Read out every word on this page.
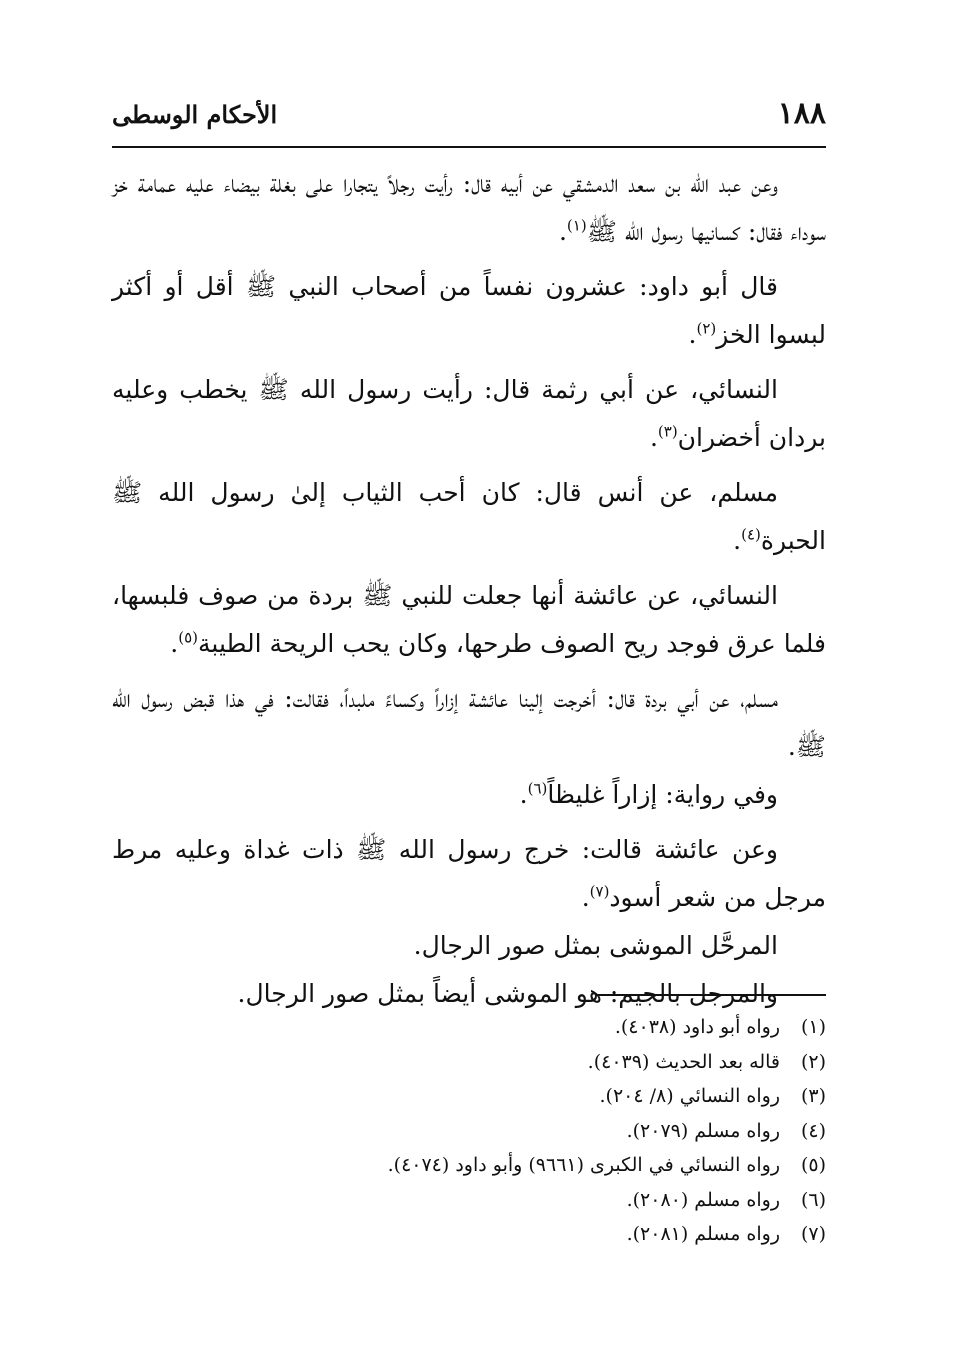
١٨٨
الأحكام الوسطى

وعن عبد الله بن سعد الدمشقي عن أبيه قال: رأيت رجلاً يتجارا على بغلة بيضاء عليه عمامة خز سوداء فقال: كسانيها رسول الله ﷺ$^{(١)}$.

قال أبو داود: عشرون نفساً من أصحاب النبي ﷺ أقل أو أكثر لبسوا الخز$^{(٢)}$.

النسائي، عن أبي رثمة قال: رأيت رسول الله ﷺ يخطب وعليه بردان أخضران$^{(٣)}$.

مسلم، عن أنس قال: كان أحب الثياب إلىٰ رسول الله ﷺ الحبرة$^{(٤)}$.

النسائي، عن عائشة أنها جعلت للنبي ﷺ بردة من صوف فلبسها، فلما عرق فوجد ريح الصوف طرحها، وكان يحب الريحة الطيبة$^{(٥)}$.

مسلم، عن أبي بردة قال: أخرجت إلينا عائشة إزاراً وكساءً ملبداً، فقالت: في هذا قبض رسول الله ﷺ.

وفي رواية: إزاراً غليظاً$^{(٦)}$.

وعن عائشة قالت: خرج رسول الله ﷺ ذات غداة وعليه مرط مرجل من شعر أسود$^{(٧)}$.

المرحَّل الموشى بمثل صور الرجال.

والمرجل بالجيم: هو الموشى أيضاً بمثل صور الرجال.

(١)رواه أبو داود (٤٠٣٨).

(٢)قاله بعد الحديث (٤٠٣٩).

(٣)رواه النسائي (٨/ ٢٠٤).

(٤)رواه مسلم (٢٠٧٩).

(٥)رواه النسائي في الكبرى (٩٦٦١) وأبو داود (٤٠٧٤).

(٦)رواه مسلم (٢٠٨٠).

(٧)رواه مسلم (٢٠٨١).
